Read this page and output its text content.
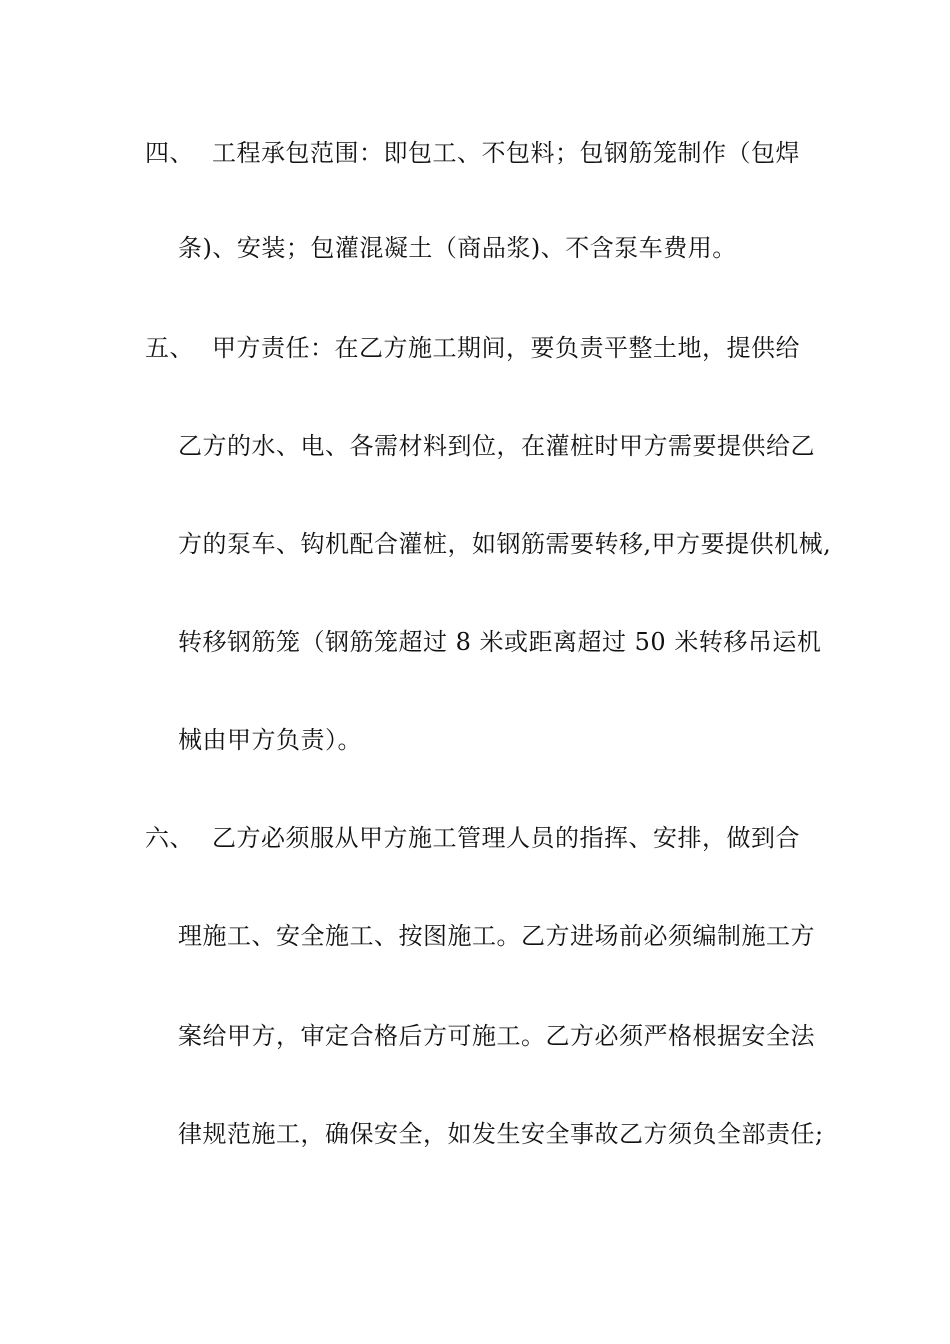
四、 工程承包范围：即包工、不包料；包钢筋笼制作（包焊
条)、安装；包灌混凝土（商品浆)、不含泵车费用。
五、 甲方责任：在乙方施工期间，要负责平整土地，提供给
乙方的水、电、各需材料到位，在灌桩时甲方需要提供给乙
方的泵车、钩机配合灌桩，如钢筋需要转移,甲方要提供机械,
转移钢筋笼（钢筋笼超过 8 米或距离超过 50 米转移吊运机
械由甲方负责）。
六、 乙方必须服从甲方施工管理人员的指挥、安排，做到合
理施工、安全施工、按图施工。乙方进场前必须编制施工方
案给甲方，审定合格后方可施工。乙方必须严格根据安全法
律规范施工，确保安全，如发生安全事故乙方须负全部责任;
